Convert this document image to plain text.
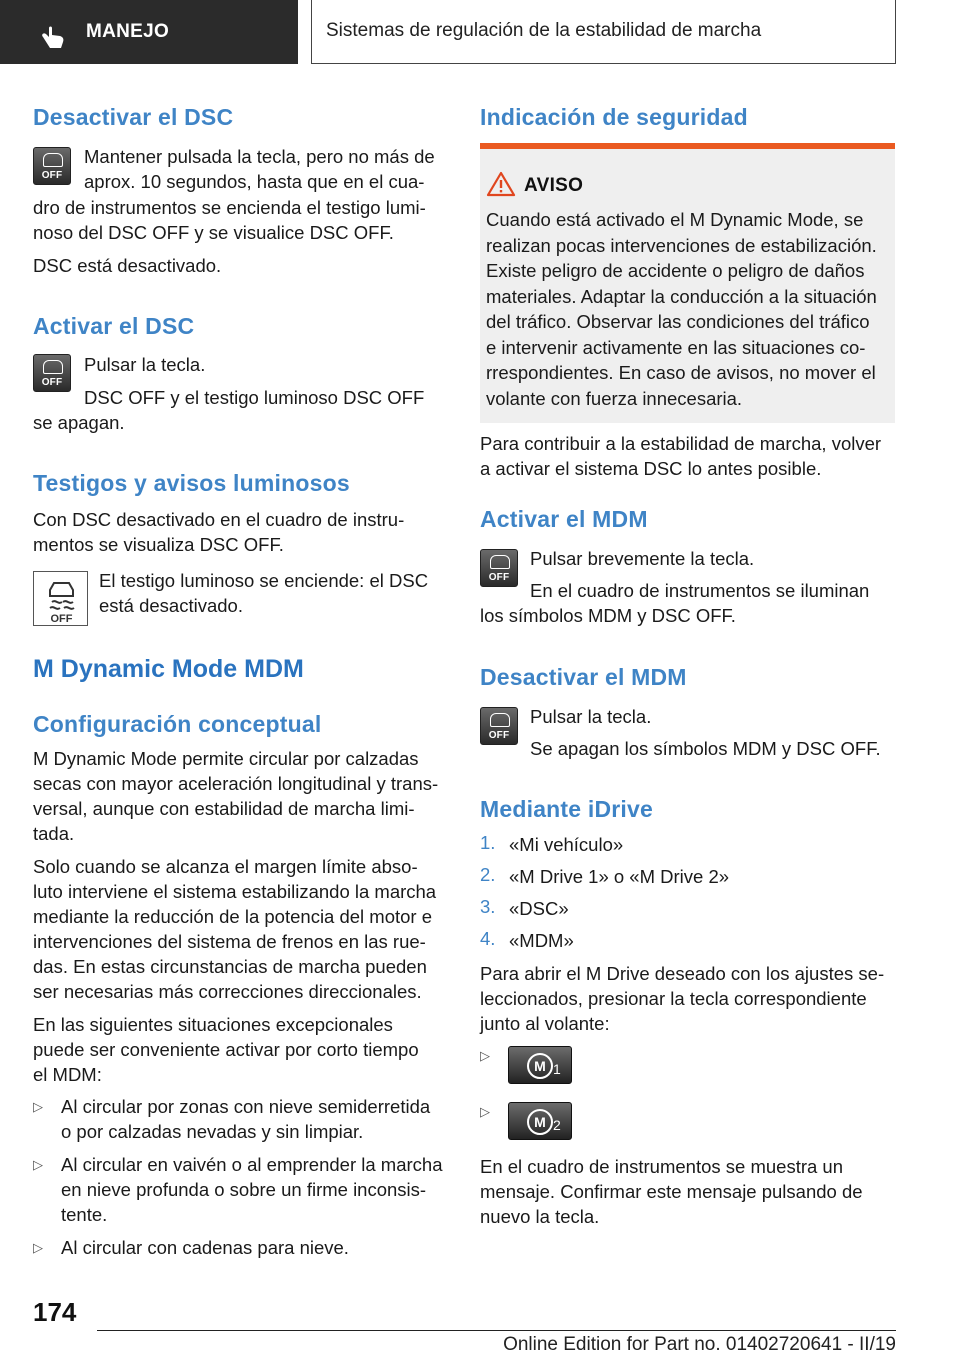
MANEJO	Sistemas de regulación de la estabilidad de marcha
Desactivar el DSC
OFF

Mantener pulsada la tecla, pero no más de

aprox. 10 segundos, hasta que en el cua-

dro de instrumentos se encienda el testigo lumi-

noso del DSC OFF y se visualice DSC OFF.

DSC está desactivado.

Activar el DSC
OFF

Pulsar la tecla.

DSC OFF y el testigo luminoso DSC OFF

se apagan.

Testigos y avisos luminosos

Con DSC desactivado en el cuadro de instru-

mentos se visualiza DSC OFF.

OFF

El testigo luminoso se enciende: el DSC

está desactivado.

M Dynamic Mode MDM
Configuración conceptual

M Dynamic Mode permite circular por calzadas

secas con mayor aceleración longitudinal y trans-

versal, aunque con estabilidad de marcha limi-

tada.

Solo cuando se alcanza el margen límite abso-

luto interviene el sistema estabilizando la marcha

mediante la reducción de la potencia del motor e

intervenciones del sistema de frenos en las rue-

das. En estas circunstancias de marcha pueden

ser necesarias más correcciones direccionales.

En las siguientes situaciones excepcionales

puede ser conveniente activar por corto tiempo

el MDM:

▷ Al circular por zonas con nieve semiderretida

o por calzadas nevadas y sin limpiar.

▷ Al circular en vaivén o al emprender la marcha

en nieve profunda o sobre un firme inconsis-

tente.

▷ Al circular con cadenas para nieve.

Indicación de seguridad
AVISO
Cuando está activado el M Dynamic Mode, se
realizan pocas intervenciones de estabilización.
Existe peligro de accidente o peligro de daños
materiales. Adaptar la conducción a la situación
del tráfico. Observar las condiciones del tráfico
e intervenir activamente en las situaciones co-
rrespondientes. En caso de avisos, no mover el
volante con fuerza innecesaria.

Para contribuir a la estabilidad de marcha, volver

a activar el sistema DSC lo antes posible.

Activar el MDM
OFF

Pulsar brevemente la tecla.

En el cuadro de instrumentos se iluminan

los símbolos MDM y DSC OFF.

Desactivar el MDM
OFF

Pulsar la tecla.

Se apagan los símbolos MDM y DSC OFF.

Mediante iDrive
1. «Mi vehículo»

2. «M Drive 1» o «M Drive 2»

3. «DSC»

4. «MDM»

Para abrir el M Drive deseado con los ajustes se-

leccionados, presionar la tecla correspondiente

junto al volante:

▷
M 1
▷
M 2

En el cuadro de instrumentos se muestra un

mensaje. Confirmar este mensaje pulsando de

nuevo la tecla.

174
Online Edition for Part no. 01402720641 - II/19
